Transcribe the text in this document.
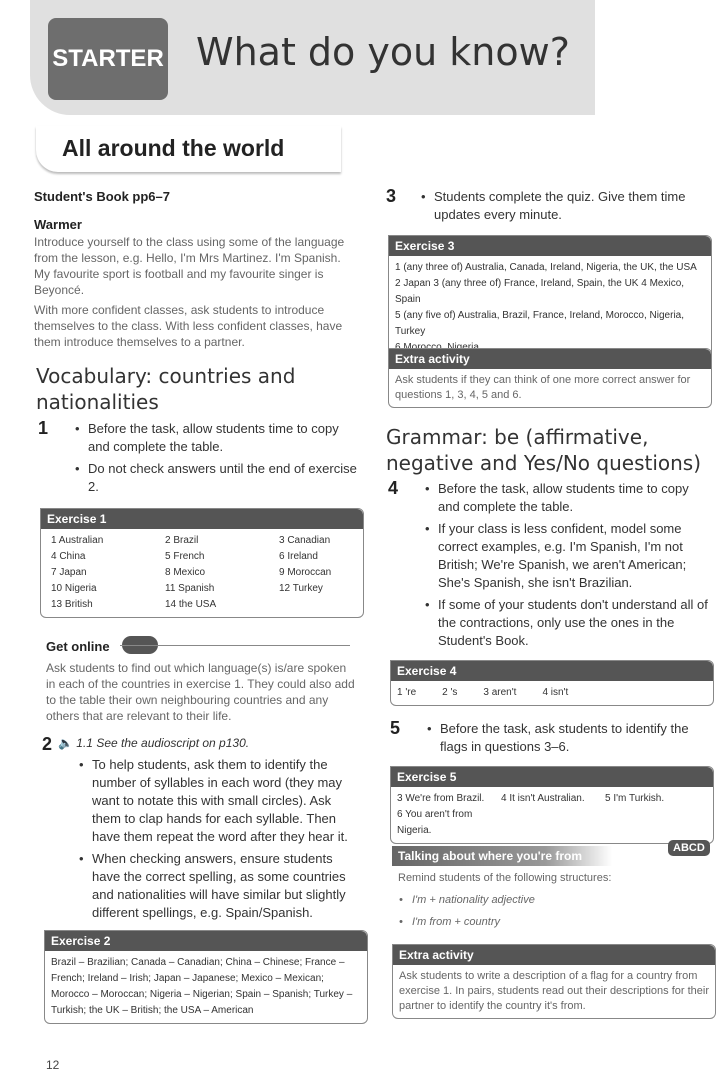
STARTER What do you know?
All around the world
Student's Book pp6–7
Warmer
Introduce yourself to the class using some of the language from the lesson, e.g. Hello, I'm Mrs Martinez. I'm Spanish. My favourite sport is football and my favourite singer is Beyoncé.
With more confident classes, ask students to introduce themselves to the class. With less confident classes, have them introduce themselves to a partner.
Vocabulary: countries and nationalities
1	• Before the task, allow students time to copy and complete the table.
• Do not check answers until the end of exercise 2.
Exercise 1
1 Australian	2 Brazil	3 Canadian
4 China	5 French	6 Ireland
7 Japan	8 Mexico	9 Moroccan
10 Nigeria	11 Spanish	12 Turkey
13 British	14 the USA
Get online
Ask students to find out which language(s) is/are spoken in each of the countries in exercise 1. They could also add to the table their own neighbouring countries and any others that are relevant to their life.
2 🔈 1.1 See the audioscript on p130.
• To help students, ask them to identify the number of syllables in each word (they may want to notate this with small circles). Ask them to clap hands for each syllable. Then have them repeat the word after they hear it.
• When checking answers, ensure students have the correct spelling, as some countries and nationalities will have similar but slightly different spellings, e.g. Spain/Spanish.
Exercise 2
Brazil – Brazilian; Canada – Canadian; China – Chinese; France – French; Ireland – Irish; Japan – Japanese; Mexico – Mexican; Morocco – Moroccan; Nigeria – Nigerian; Spain – Spanish; Turkey – Turkish; the UK – British; the USA – American
12
3	• Students complete the quiz. Give them time updates every minute.
Exercise 3
1 (any three of) Australia, Canada, Ireland, Nigeria, the UK, the USA
2 Japan 3 (any three of) France, Ireland, Spain, the UK 4 Mexico, Spain
5 (any five of) Australia, Brazil, France, Ireland, Morocco, Nigeria, Turkey
Extra activity
Ask students if they can think of one more correct answer for questions 1, 3, 4, 5 and 6.
Grammar: be (affirmative, negative and Yes/No questions)
4	• Before the task, allow students time to copy and complete the table.
• If your class is less confident, model some correct examples, e.g. I'm Spanish, I'm not British; We're Spanish, we aren't American; She's Spanish, she isn't Brazilian.
• If some of your students don't understand all of the contractions, only use the ones in the Student's Book.
Exercise 4
1 're	2 's	3 aren't	4 isn't
5	• Before the task, ask students to identify the flags in questions 3–6.
Exercise 5
3 We're from Brazil.	4 It isn't Australian.	5 I'm Turkish.
6 You aren't from Nigeria.
Talking about where you're from
ABCD
Remind students of the following structures:
• I'm + nationality adjective
• I'm from + country
Extra activity
Ask students to write a description of a flag for a country from exercise 1. In pairs, students read out their descriptions for their partner to identify the country it's from.
